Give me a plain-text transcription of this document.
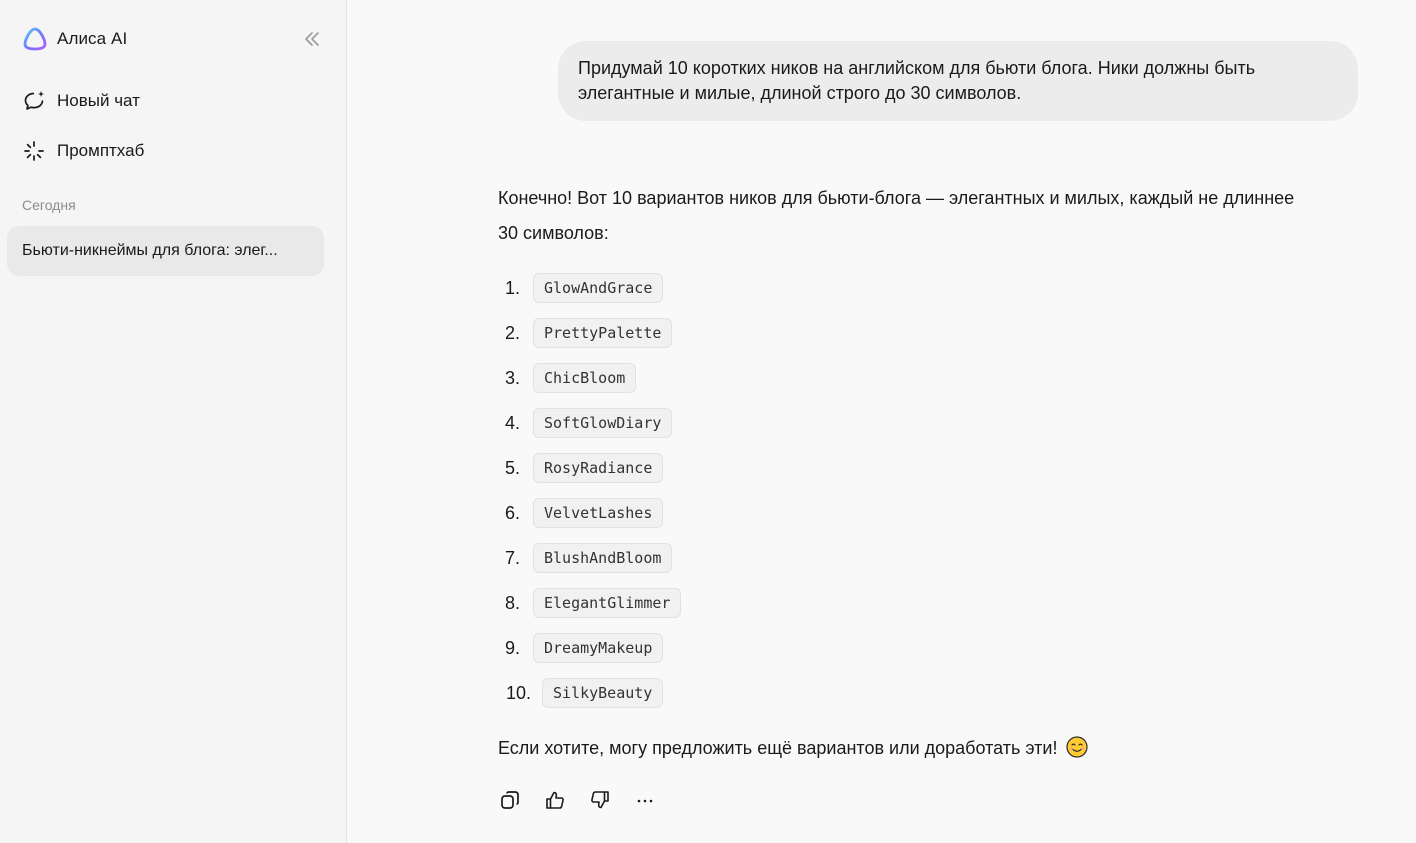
Алиса AI
Новый чат
Промптхаб
Сегодня
Бьюти-никнеймы для блога: элег...
Придумай 10 коротких ников на английском для бьюти блога. Ники должны быть элегантные и милые, длиной строго до 30 символов.
Конечно! Вот 10 вариантов ников для бьюти-блога — элегантных и милых, каждый не длиннее 30 символов:
1.	GlowAndGrace
2.	PrettyPalette
3.	ChicBloom
4.	SoftGlowDiary
5.	RosyRadiance
6.	VelvetLashes
7.	BlushAndBloom
8.	ElegantGlimmer
9.	DreamyMakeup
10.	SilkyBeauty
Если хотите, могу предложить ещё вариантов или доработать эти!
